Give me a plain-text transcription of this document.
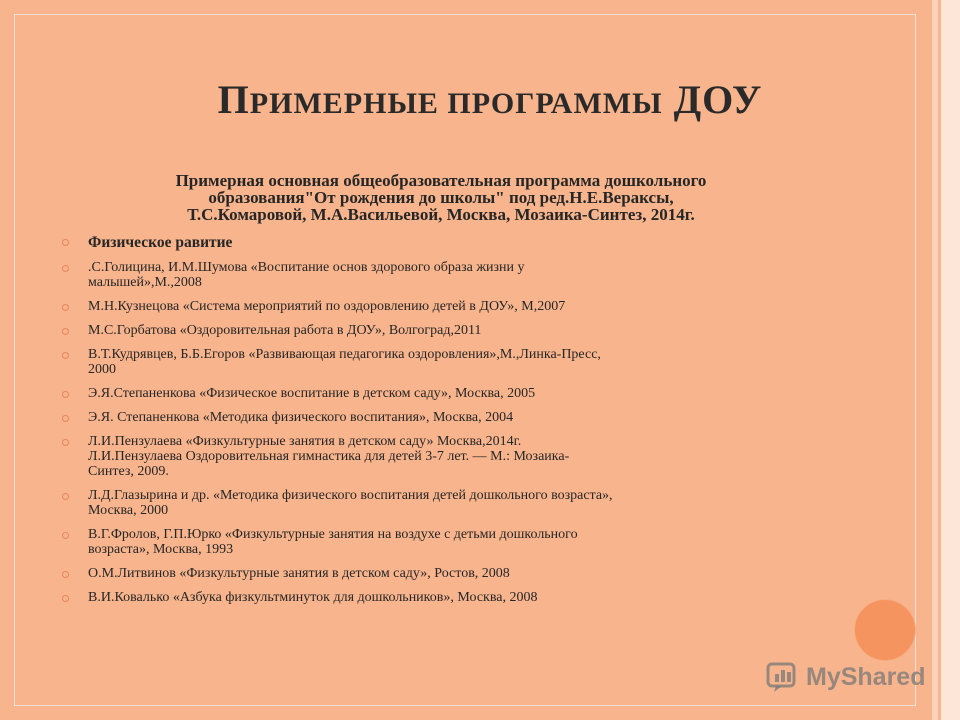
ПРИМЕРНЫЕ ПРОГРАММЫ ДОУ
Примерная основная общеобразовательная программа дошкольного
образования"От рождения до школы" под ред.Н.Е.Вераксы,
Т.С.Комаровой, М.А.Васильевой, Москва, Мозаика-Синтез, 2014г.
Физическое равитие
.С.Голицина, И.М.Шумова «Воспитание основ здорового образа жизни у
малышей»,М.,2008
М.Н.Кузнецова «Система мероприятий по оздоровлению детей в ДОУ», М,2007
М.С.Горбатова «Оздоровительная работа в ДОУ», Волгоград,2011
В.Т.Кудрявцев, Б.Б.Егоров «Развивающая педагогика оздоровления»,М.,Линка-Пресс,
2000
Э.Я.Степаненкова «Физическое воспитание в детском саду», Москва, 2005
Э.Я. Степаненкова «Методика физического воспитания», Москва, 2004
Л.И.Пензулаева «Физкультурные занятия в детском саду» Москва,2014г.
Л.И.Пензулаева Оздоровительная гимнастика для детей 3-7 лет. — М.: Мозаика-
Синтез, 2009.
Л.Д.Глазырина и др. «Методика физического воспитания детей дошкольного возраста»,
Москва, 2000
В.Г.Фролов, Г.П.Юрко «Физкультурные занятия на воздухе с детьми дошкольного
возраста», Москва, 1993
О.М.Литвинов «Физкультурные занятия в детском саду», Ростов, 2008
В.И.Ковалько «Азбука физкультминуток для дошкольников», Москва, 2008
MyShared
